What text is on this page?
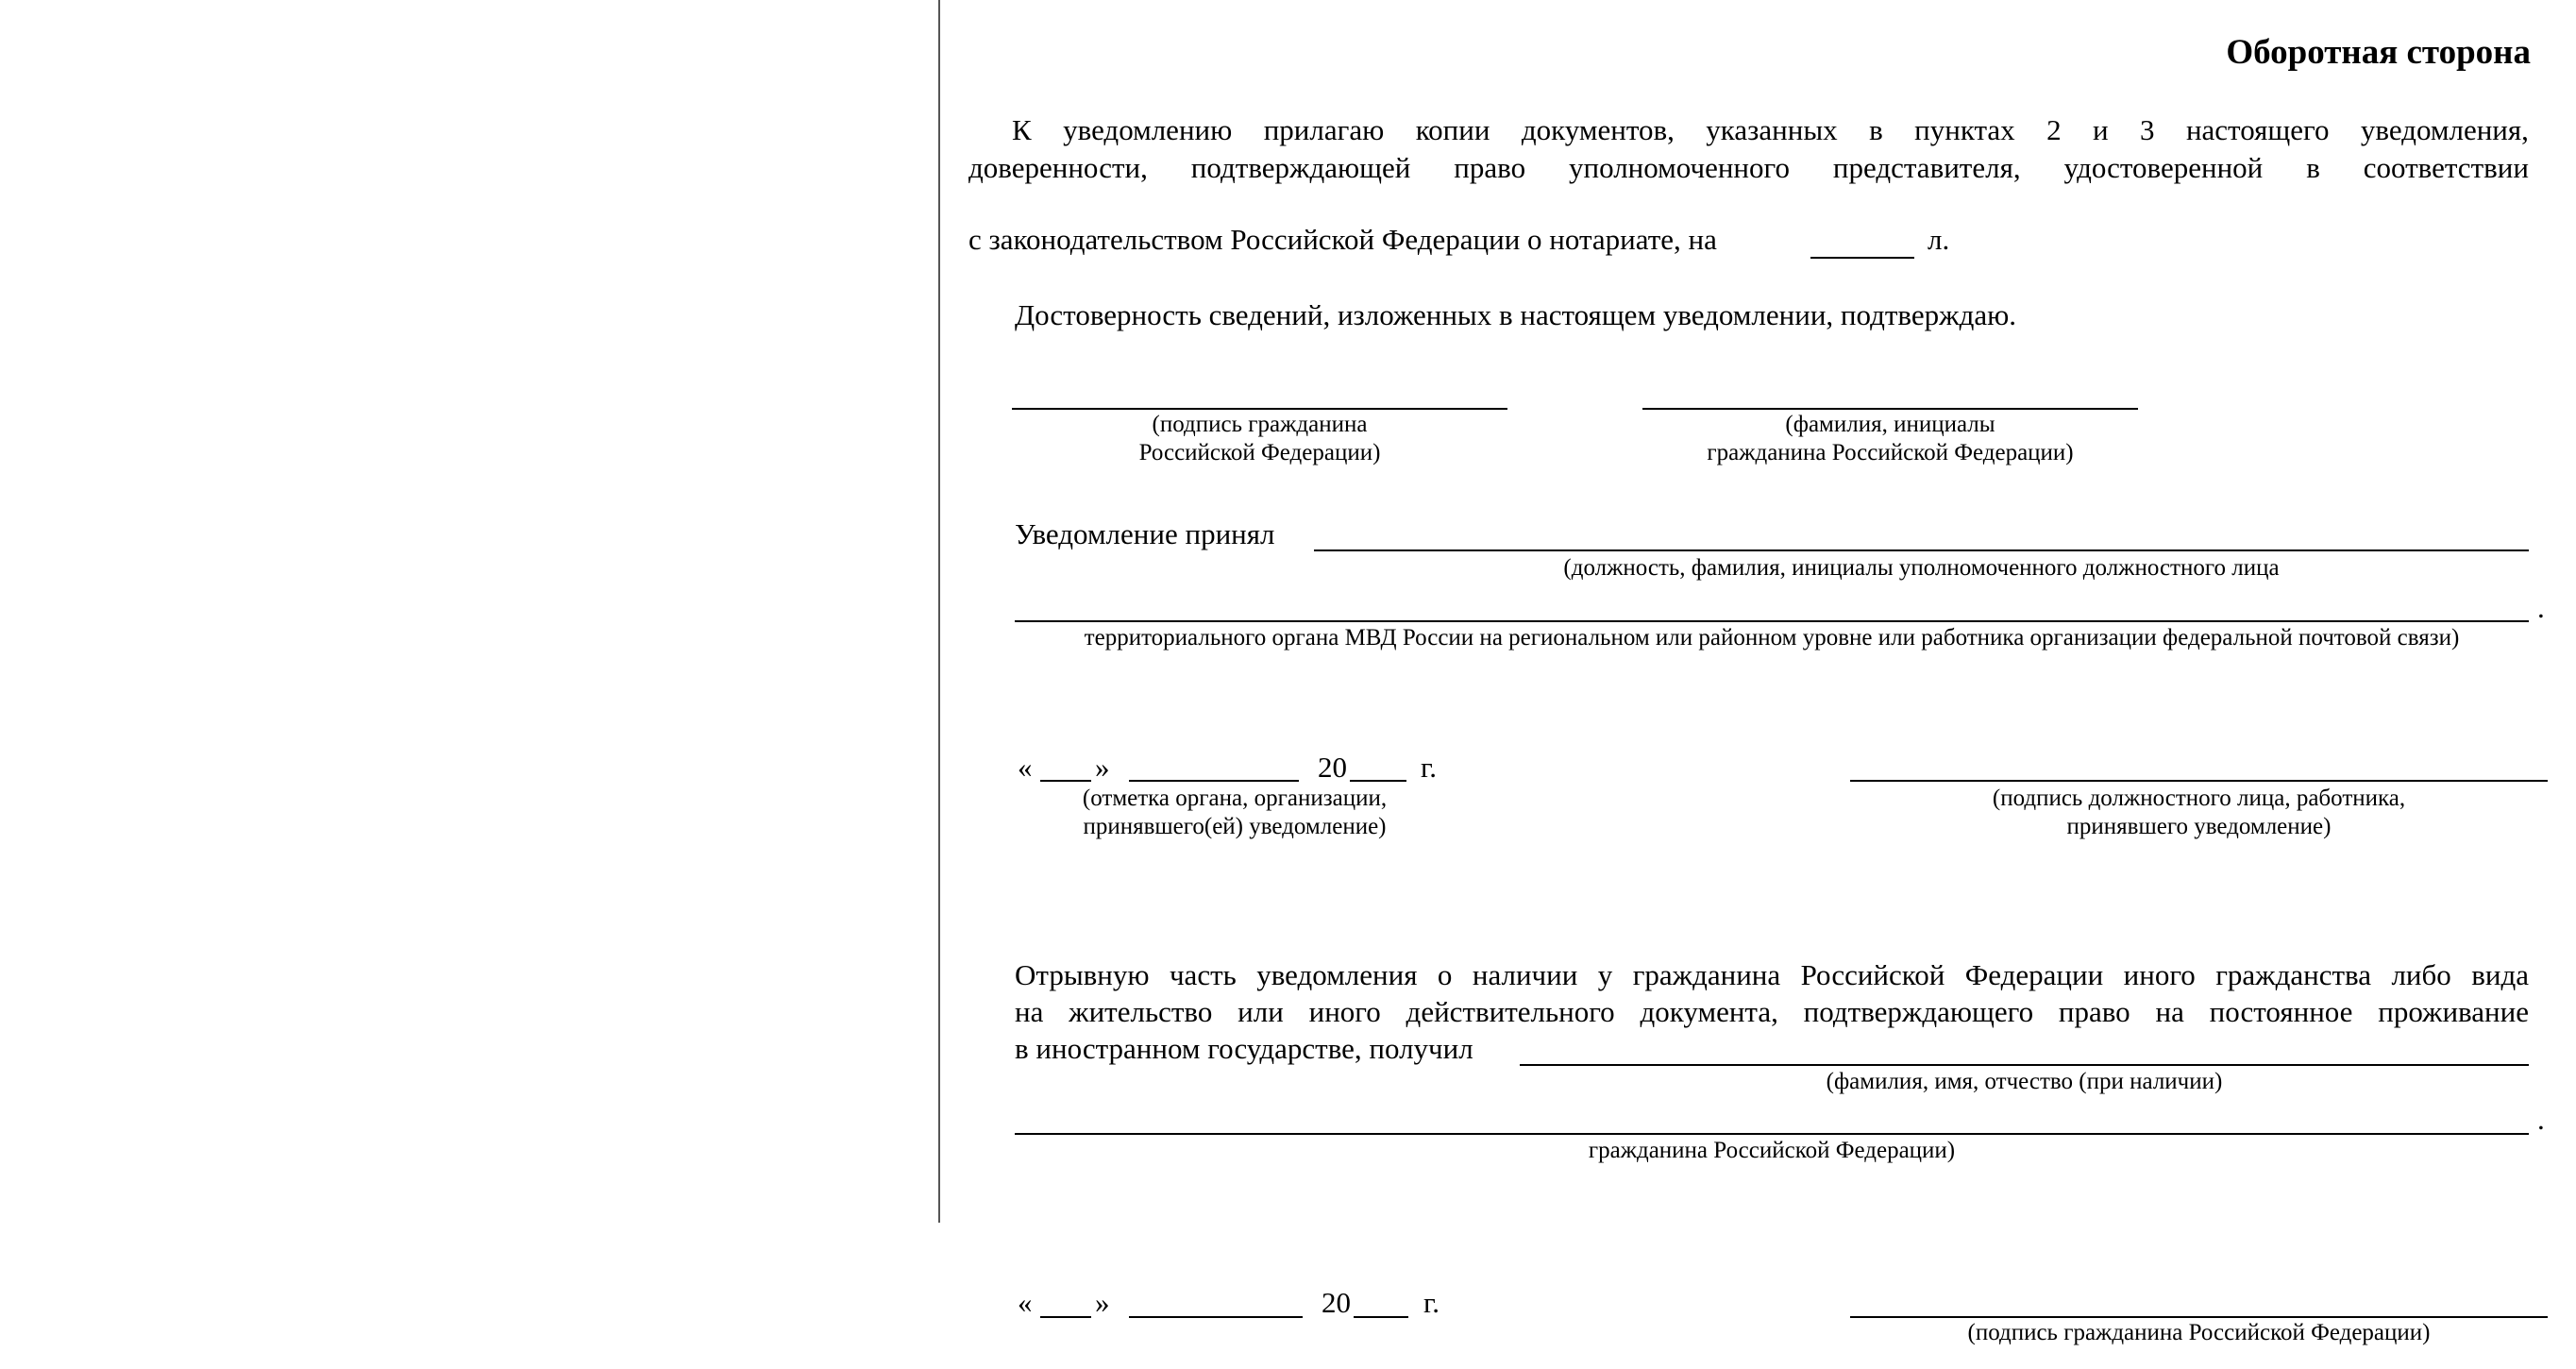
Оборотная сторона
К уведомлению прилагаю копии документов, указанных в пунктах 2 и 3 настоящего уведомления,
доверенности, подтверждающей право уполномоченного представителя, удостоверенной в соответствии
с законодательством Российской Федерации о нотариате, на	л.
Достоверность сведений, изложенных в настоящем уведомлении, подтверждаю.
(подпись гражданина
Российской Федерации)
(фамилия, инициалы
гражданина Российской Федерации)
Уведомление принял
(должность, фамилия, инициалы уполномоченного должностного лица
.
территориального органа МВД России на региональном или районном уровне или работника организации федеральной почтовой связи)
« »	20	г.
(отметка органа, организации,
принявшего(ей) уведомление)
(подпись должностного лица, работника,
принявшего уведомление)
Отрывную часть уведомления о наличии у гражданина Российской Федерации иного гражданства либо вида
на жительство или иного действительного документа, подтверждающего право на постоянное проживание
в иностранном государстве, получил
(фамилия, имя, отчество (при наличии)
.
гражданина Российской Федерации)
« »	20 г.
(подпись гражданина Российской Федерации)
